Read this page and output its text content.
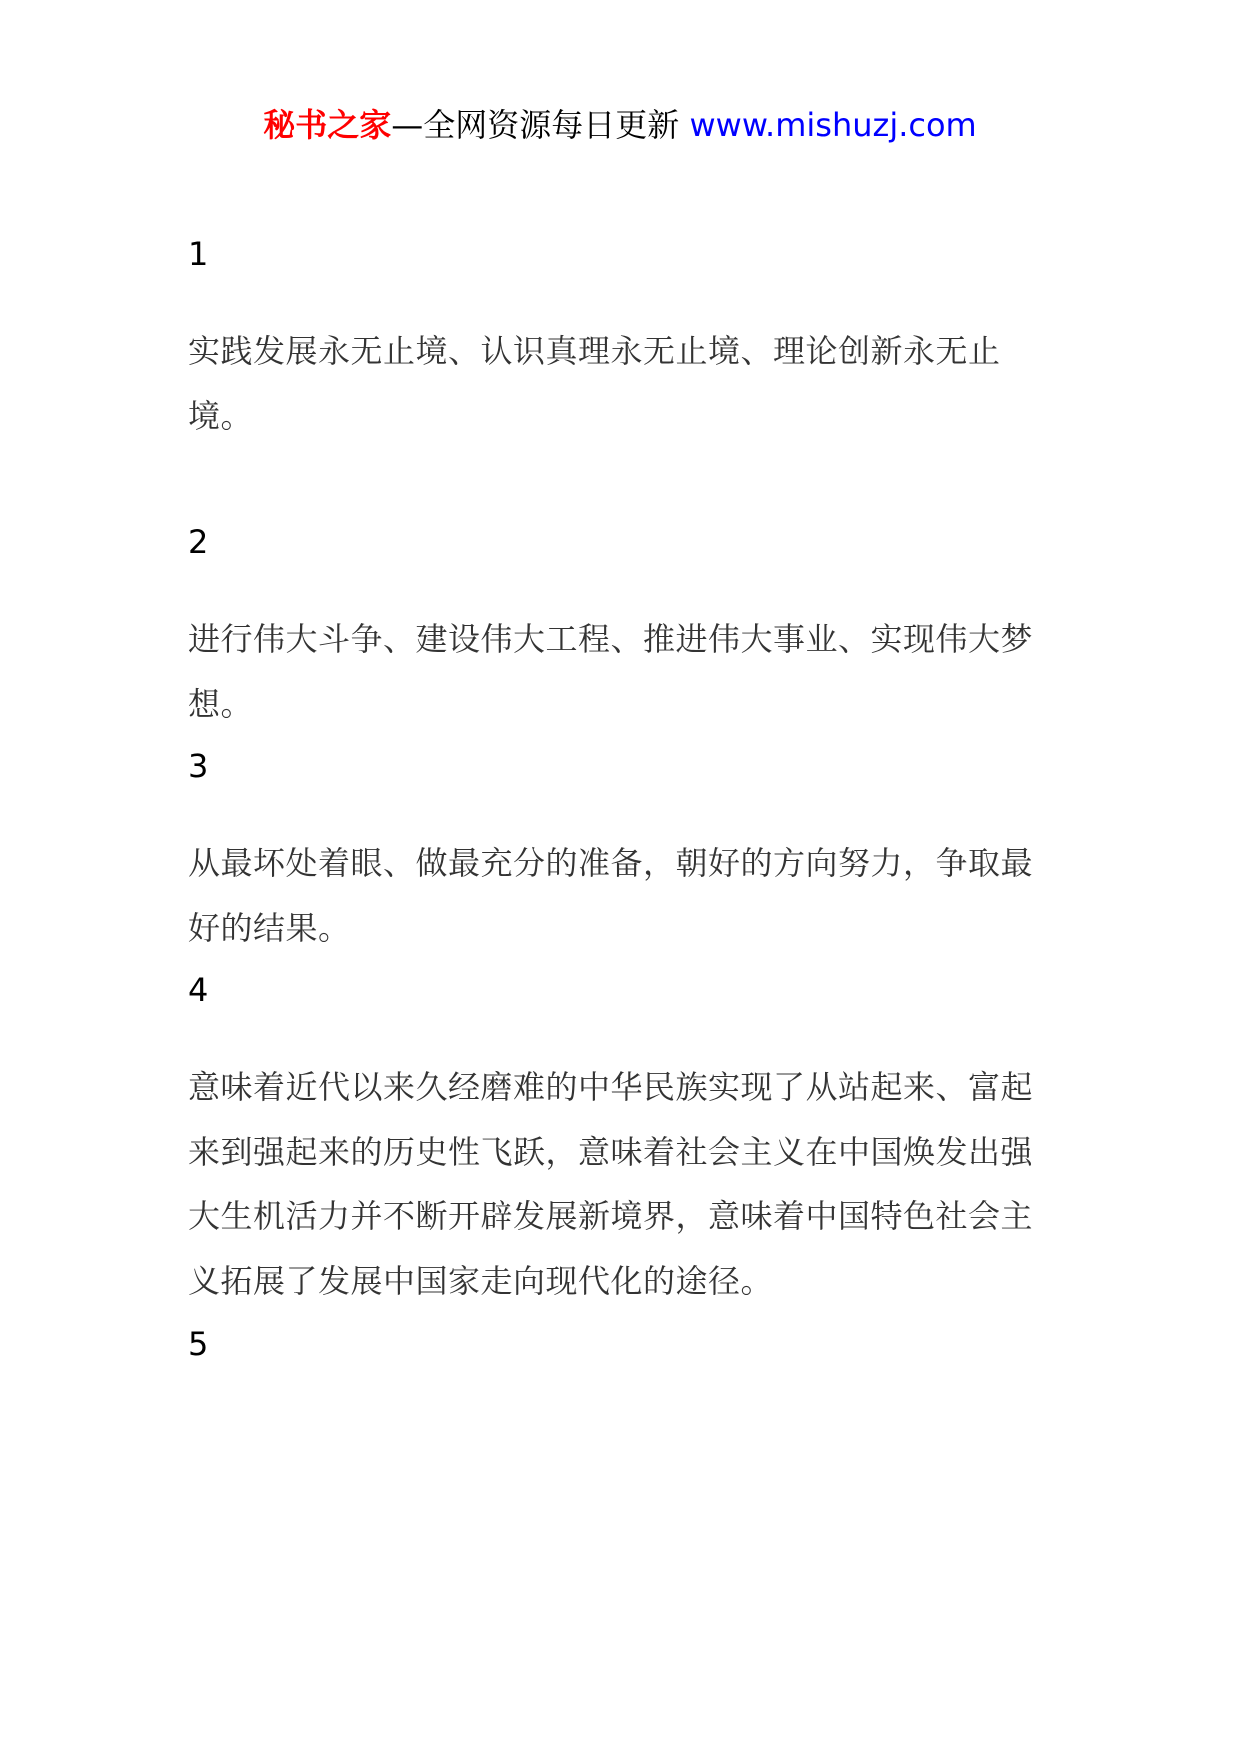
秘书之家—全网资源每日更新 www.mishuzj.com
1
实践发展永无止境、认识真理永无止境、理论创新永无止境。
2
进行伟大斗争、建设伟大工程、推进伟大事业、实现伟大梦想。
3
从最坏处着眼、做最充分的准备，朝好的方向努力，争取最好的结果。
4
意味着近代以来久经磨难的中华民族实现了从站起来、富起来到强起来的历史性飞跃，意味着社会主义在中国焕发出强大生机活力并不断开辟发展新境界，意味着中国特色社会主义拓展了发展中国家走向现代化的途径。
5
